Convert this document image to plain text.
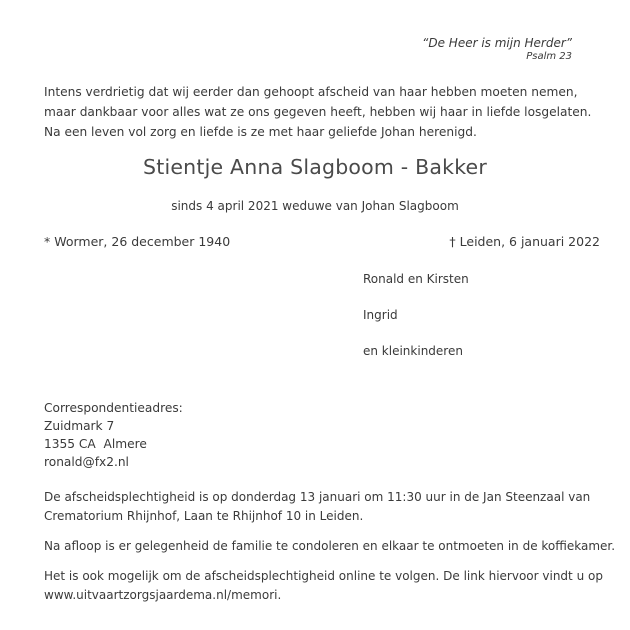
“De Heer is mijn Herder”
Psalm 23
Intens verdrietig dat wij eerder dan gehoopt afscheid van haar hebben moeten nemen,
maar dankbaar voor alles wat ze ons gegeven heeft, hebben wij haar in liefde losgelaten.
Na een leven vol zorg en liefde is ze met haar geliefde Johan herenigd.
Stientje Anna Slagboom - Bakker
sinds 4 april 2021 weduwe van Johan Slagboom
* Wormer, 26 december 1940	† Leiden, 6 januari 2022
Ronald en Kirsten
Ingrid
en kleinkinderen
Correspondentieadres:
Zuidmark 7
1355 CA  Almere
ronald@fx2.nl
De afscheidsplechtigheid is op donderdag 13 januari om 11:30 uur in de Jan Steenzaal van
Crematorium Rhijnhof, Laan te Rhijnhof 10 in Leiden.
Na afloop is er gelegenheid de familie te condoleren en elkaar te ontmoeten in de koffiekamer.
Het is ook mogelijk om de afscheidsplechtigheid online te volgen. De link hiervoor vindt u op
www.uitvaartzorgsjaardema.nl/memori.
